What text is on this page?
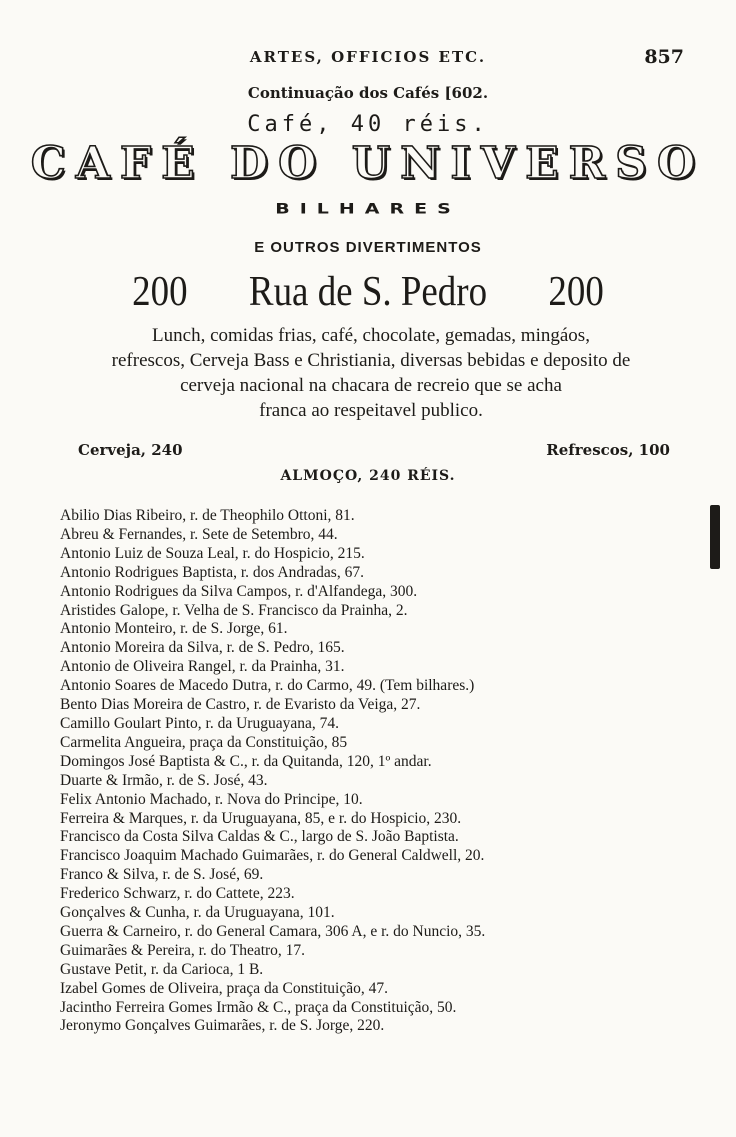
ARTES, OFFICIOS ETC.	857
Continuação dos Cafés [602.
Café, 40 réis.
CAFÉ DO UNIVERSO
BILHARES
E OUTROS DIVERTIMENTOS
200 Rua de S. Pedro 200
Lunch, comidas frias, café, chocolate, gemadas, mingáos,
refrescos, Cerveja Bass e Christiania, diversas bebidas e deposito de
cerveja nacional na chacara de recreio que se acha
franca ao respeitavel publico.
Cerveja, 240	Refrescos, 100
ALMOÇO, 240 RÉIS.
Abilio Dias Ribeiro, r. de Theophilo Ottoni, 81.
Abreu & Fernandes, r. Sete de Setembro, 44.
Antonio Luiz de Souza Leal, r. do Hospicio, 215.
Antonio Rodrigues Baptista, r. dos Andradas, 67.
Antonio Rodrigues da Silva Campos, r. d'Alfandega, 300.
Aristides Galope, r. Velha de S. Francisco da Prainha, 2.
Antonio Monteiro, r. de S. Jorge, 61.
Antonio Moreira da Silva, r. de S. Pedro, 165.
Antonio de Oliveira Rangel, r. da Prainha, 31.
Antonio Soares de Macedo Dutra, r. do Carmo, 49. (Tem bilhares.)
Bento Dias Moreira de Castro, r. de Evaristo da Veiga, 27.
Camillo Goulart Pinto, r. da Uruguayana, 74.
Carmelita Angueira, praça da Constituição, 85
Domingos José Baptista & C., r. da Quitanda, 120, 1º andar.
Duarte & Irmão, r. de S. José, 43.
Felix Antonio Machado, r. Nova do Principe, 10.
Ferreira & Marques, r. da Uruguayana, 85, e r. do Hospicio, 230.
Francisco da Costa Silva Caldas & C., largo de S. João Baptista.
Francisco Joaquim Machado Guimarães, r. do General Caldwell, 20.
Franco & Silva, r. de S. José, 69.
Frederico Schwarz, r. do Cattete, 223.
Gonçalves & Cunha, r. da Uruguayana, 101.
Guerra & Carneiro, r. do General Camara, 306 A, e r. do Nuncio, 35.
Guimarães & Pereira, r. do Theatro, 17.
Gustave Petit, r. da Carioca, 1 B.
Izabel Gomes de Oliveira, praça da Constituição, 47.
Jacintho Ferreira Gomes Irmão & C., praça da Constituição, 50.
Jeronymo Gonçalves Guimarães, r. de S. Jorge, 220.
